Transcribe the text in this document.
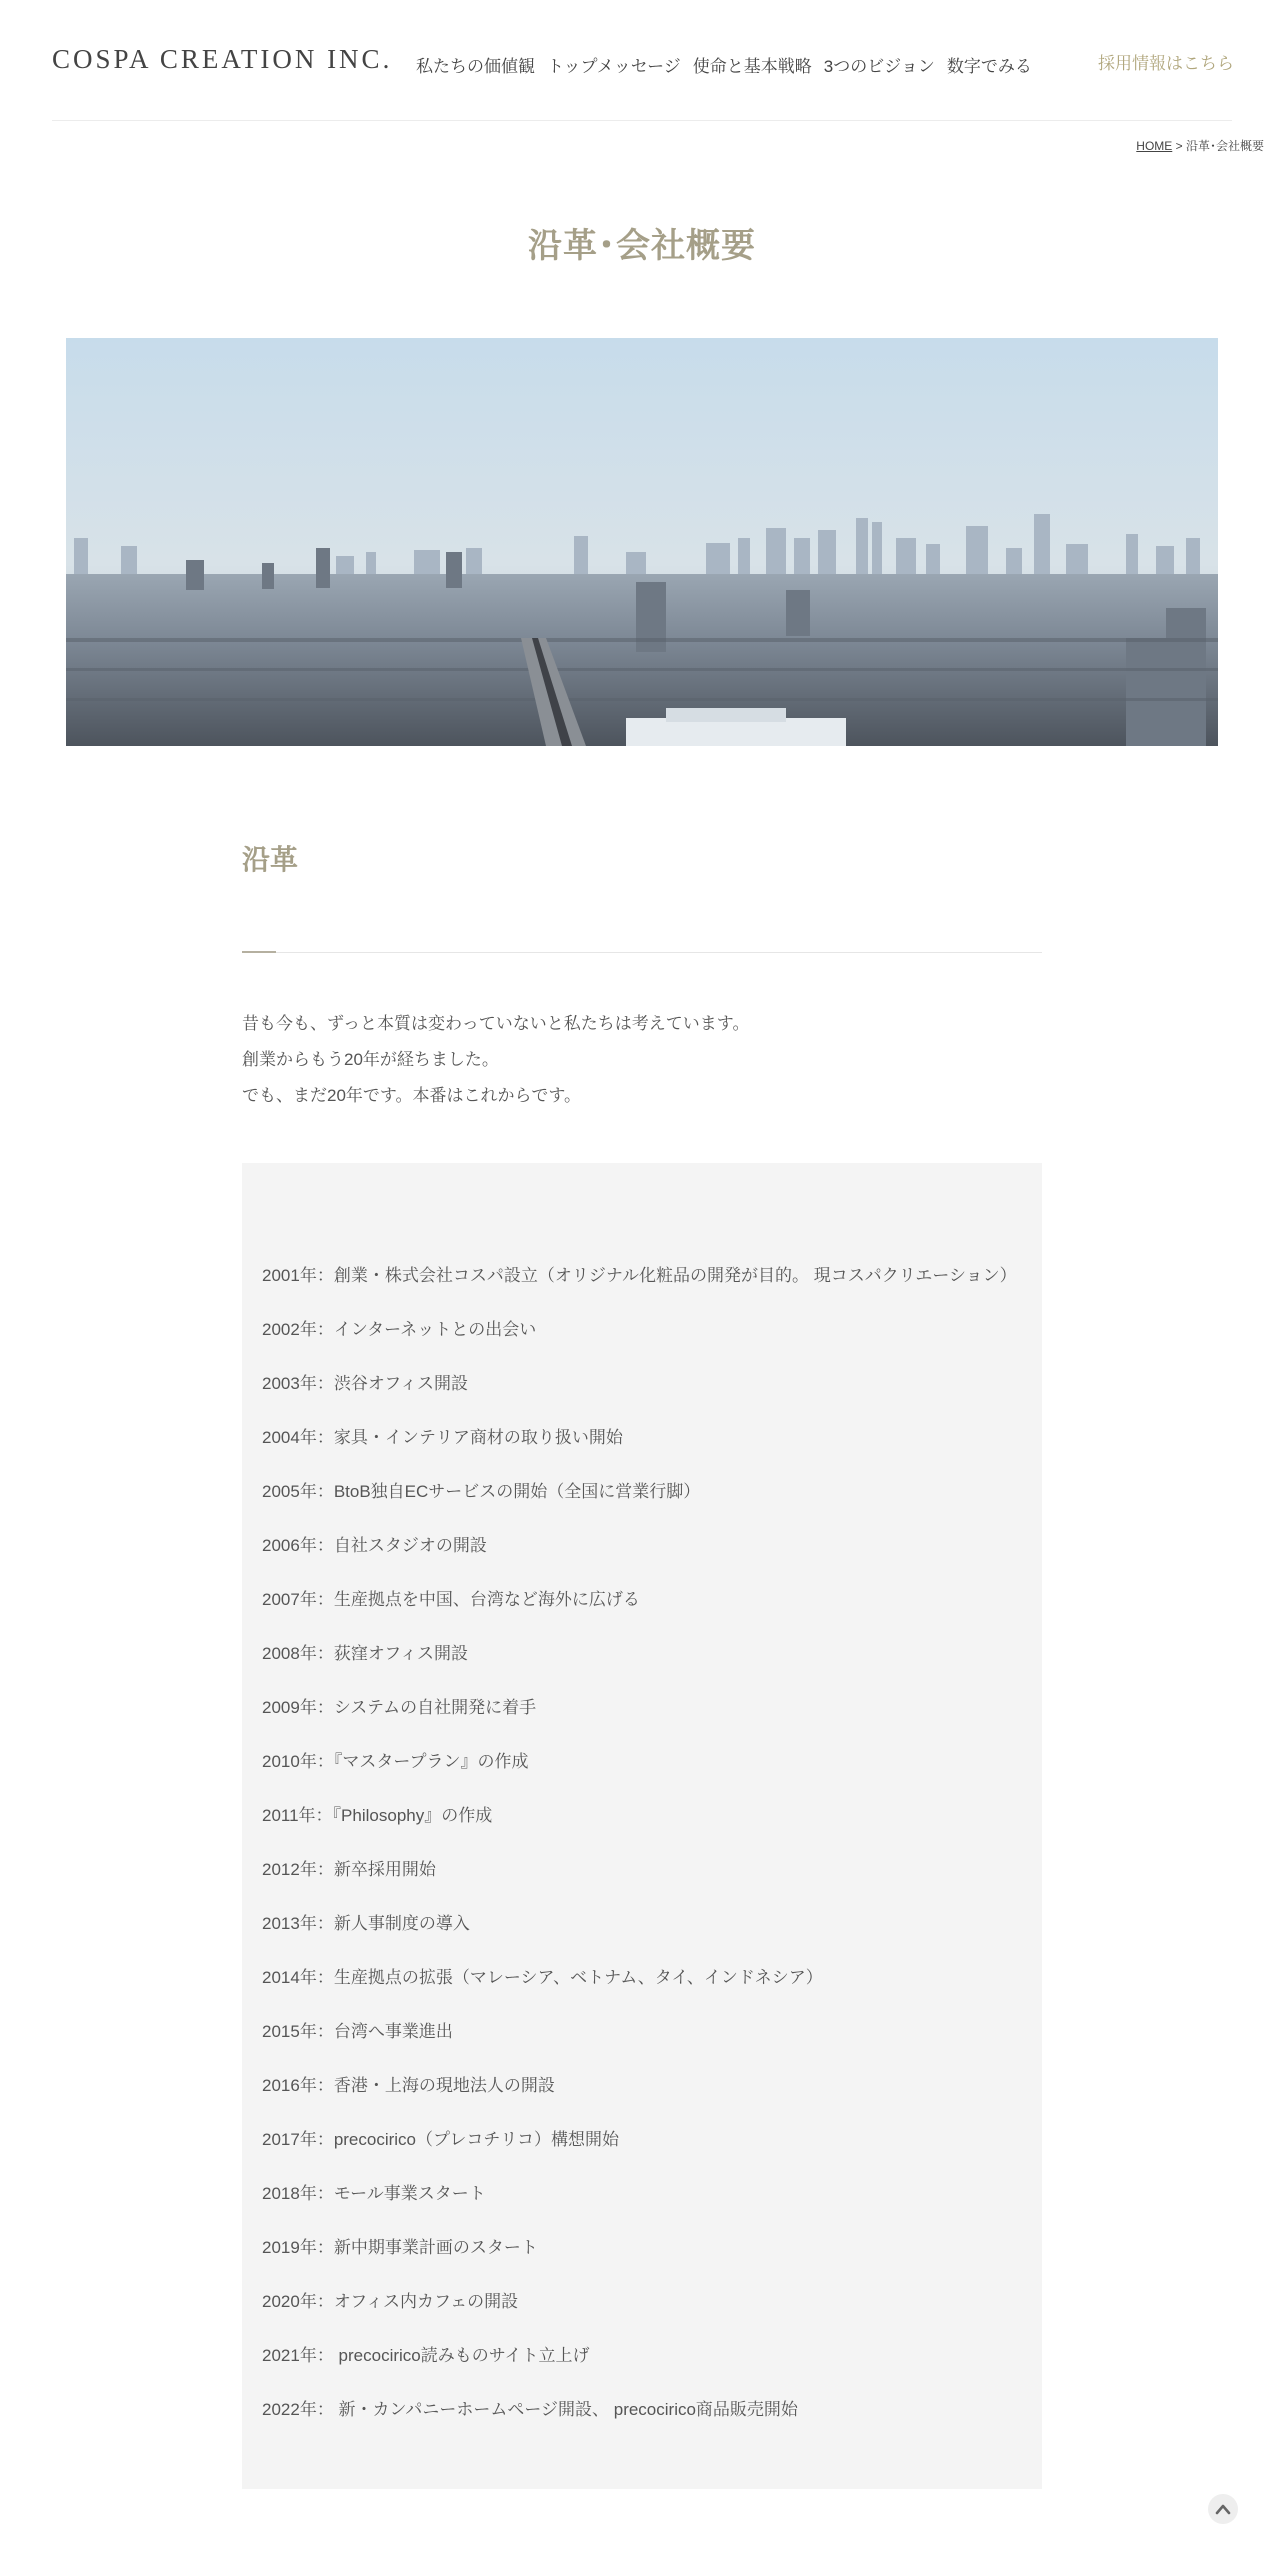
COSPA CREATION INC. 私たちの価値観 トップメッセージ 使命と基本戦略 3つのビジョン 数字でみる	採用情報はこちら
HOME > 沿革･会社概要
沿革･会社概要
沿革

昔も今も、ずっと本質は変わっていないと私たちは考えています。

創業からもう20年が経ちました。

でも、まだ20年です。本番はこれからです。

2001年：創業・株式会社コスパ設立（オリジナル化粧品の開発が目的。 現コスパクリエーション）
2002年：インターネットとの出会い
2003年：渋谷オフィス開設
2004年：家具・インテリア商材の取り扱い開始
2005年：BtoB独自ECサービスの開始（全国に営業行脚）
2006年：自社スタジオの開設
2007年：生産拠点を中国、台湾など海外に広げる
2008年：荻窪オフィス開設
2009年：システムの自社開発に着手
2010年：『マスタープラン』の作成
2011年：『Philosophy』の作成
2012年：新卒採用開始
2013年：新人事制度の導入
2014年：生産拠点の拡張（マレーシア、ベトナム、タイ、インドネシア）
2015年：台湾へ事業進出
2016年：香港・上海の現地法人の開設
2017年：precocirico（プレコチリコ）構想開始
2018年：モール事業スタート
2019年：新中期事業計画のスタート
2020年：オフィス内カフェの開設
2021年： precocirico読みものサイト立上げ
2022年： 新・カンパニーホームページ開設、 precocirico商品販売開始
